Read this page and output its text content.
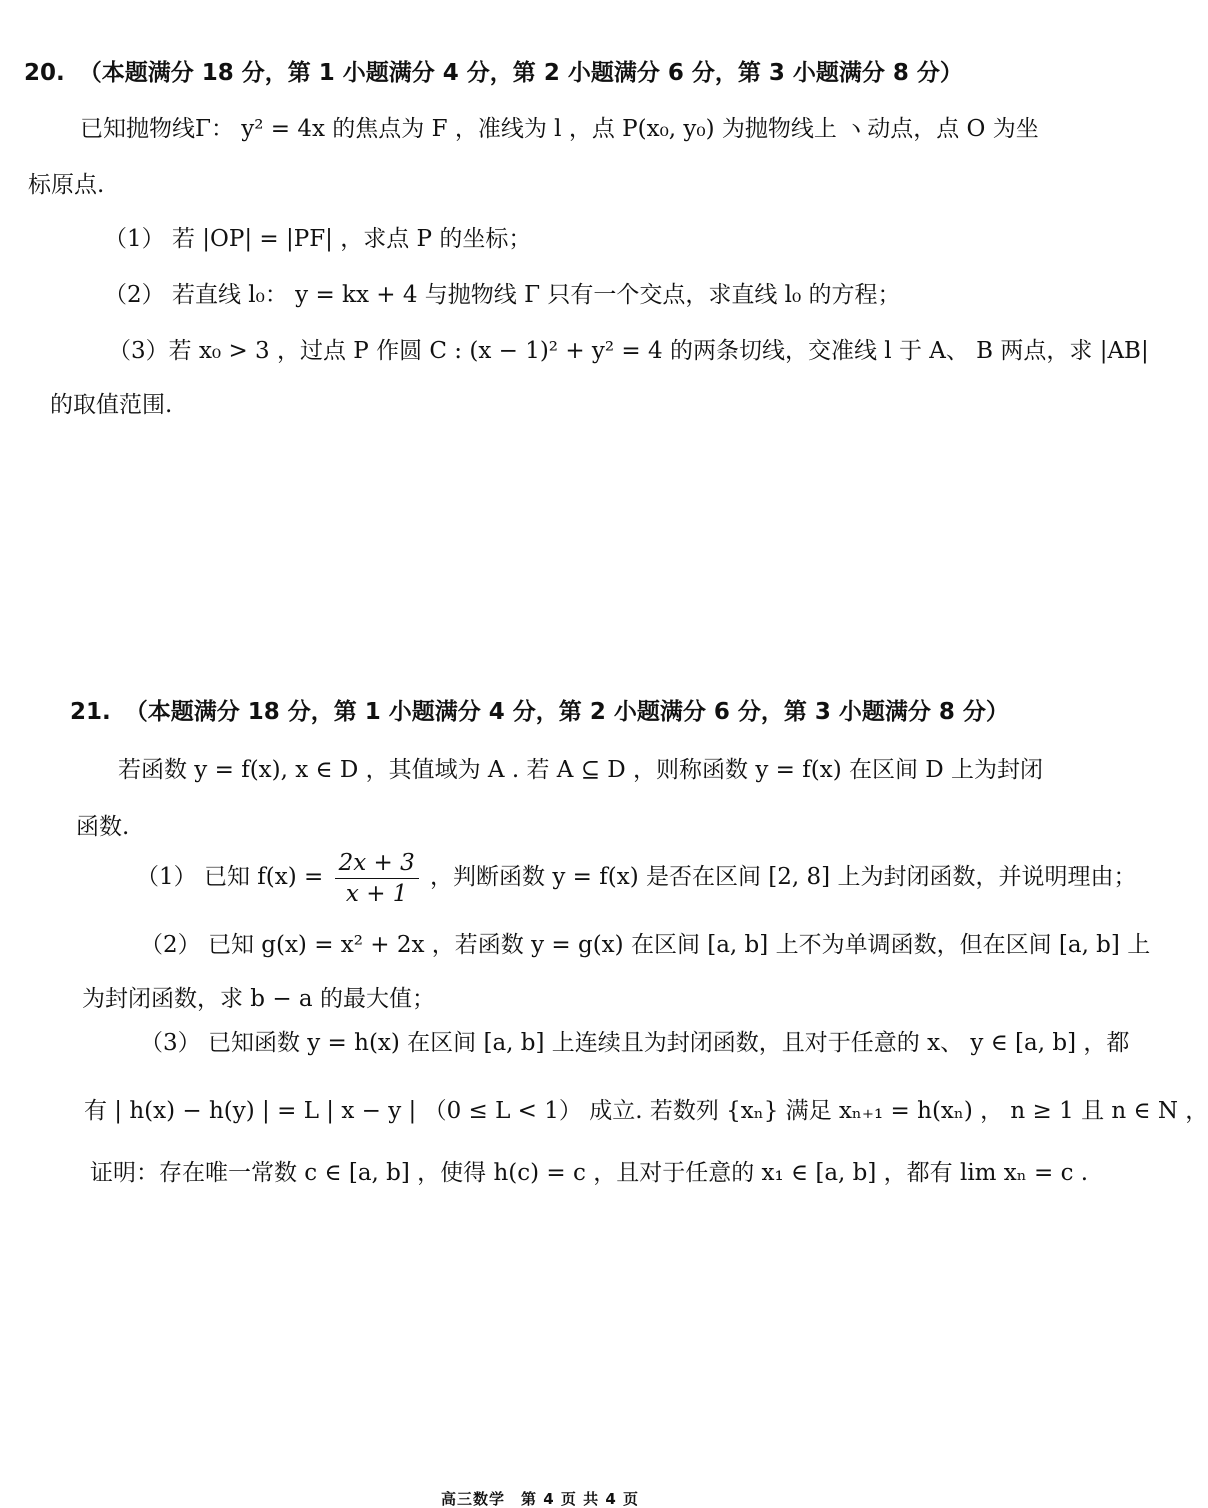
20. （本题满分 18 分，第 1 小题满分 4 分，第 2 小题满分 6 分，第 3 小题满分 8 分）
已知抛物线Γ： y² = 4x 的焦点为 F ，准线为 l ，点 P(x₀, y₀) 为抛物线上 ヽ动点，点 O 为坐
标原点.
（1） 若 |OP| = |PF| ，求点 P 的坐标；
（2） 若直线 l₀： y = kx + 4 与抛物线 Γ 只有一个交点，求直线 l₀ 的方程；
（3）若 x₀ > 3 ，过点 P 作圆 C : (x − 1)² + y² = 4 的两条切线，交准线 l 于 A、 B 两点，求 |AB|
的取值范围.
21. （本题满分 18 分，第 1 小题满分 4 分，第 2 小题满分 6 分，第 3 小题满分 8 分）
若函数 y = f(x), x ∈ D ，其值域为 A . 若 A ⊆ D ，则称函数 y = f(x) 在区间 D 上为封闭
函数.
（1） 已知 $f(x) = \frac{2x + 3}{x + 1}$ ，判断函数 y = f(x) 是否在区间 [2, 8] 上为封闭函数，并说明理由；
（2） 已知 g(x) = x² + 2x ，若函数 y = g(x) 在区间 [a, b] 上不为单调函数，但在区间 [a, b] 上
为封闭函数，求 b − a 的最大值；
（3） 已知函数 y = h(x) 在区间 [a, b] 上连续且为封闭函数，且对于任意的 x、 y ∈ [a, b] ，都
有 | h(x) − h(y) | = L | x − y | （0 ≤ L < 1） 成立. 若数列 {xₙ} 满足 xₙ₊₁ = h(xₙ) ， n ≥ 1 且 n ∈ N ，
证明：存在唯一常数 c ∈ [a, b] ，使得 h(c) = c ，且对于任意的 x₁ ∈ [a, b] ，都有 lim xₙ = c .
高三数学　第 4 页 共 4 页
